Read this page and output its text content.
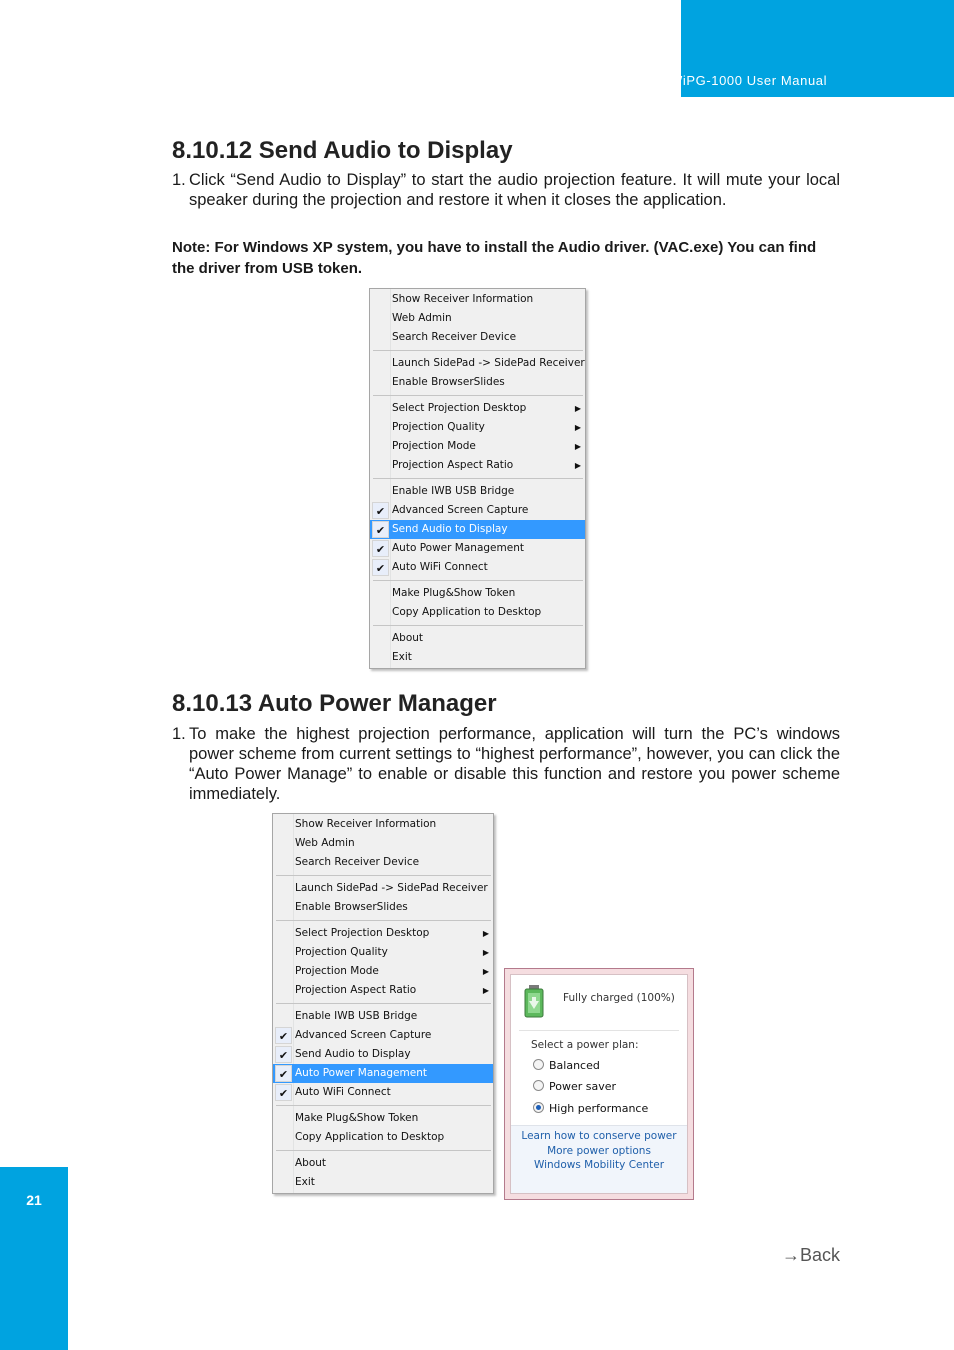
WiPG-1000 User Manual
8.10.12 Send Audio to Display
1. Click “Send Audio to Display” to start the audio projection feature. It will mute your local speaker during the projection and restore it when it closes the application.
Note: For Windows XP system, you have to install the Audio driver. (VAC.exe) You can find the driver from USB token.
Show Receiver Information
Web Admin
Search Receiver Device
Launch SidePad -> SidePad Receiver
Enable BrowserSlides
Select Projection Desktop	▶
Projection Quality	▶
Projection Mode	▶
Projection Aspect Ratio	▶
Enable IWB USB Bridge
✔ Advanced Screen Capture
✔ Send Audio to Display
✔ Auto Power Management
✔ Auto WiFi Connect
Make Plug&Show Token
Copy Application to Desktop
About
Exit
8.10.13 Auto Power Manager
1. To make the highest projection performance, application will turn the PC’s windows power scheme from current settings to “highest performance”, however, you can click the “Auto Power Manage” to enable or disable this function and restore you power scheme immediately.
Show Receiver Information
Web Admin
Search Receiver Device
Launch SidePad -> SidePad Receiver
Enable BrowserSlides
Select Projection Desktop	▶
Projection Quality	▶
Projection Mode	▶
Projection Aspect Ratio	▶
Enable IWB USB Bridge
✔ Advanced Screen Capture
✔ Send Audio to Display
✔ Auto Power Management
✔ Auto WiFi Connect
Make Plug&Show Token
Copy Application to Desktop
About
Exit
Fully charged (100%)
Select a power plan:
Balanced
Power saver
High performance
Learn how to conserve power
More power options
Windows Mobility Center
→Back
21
